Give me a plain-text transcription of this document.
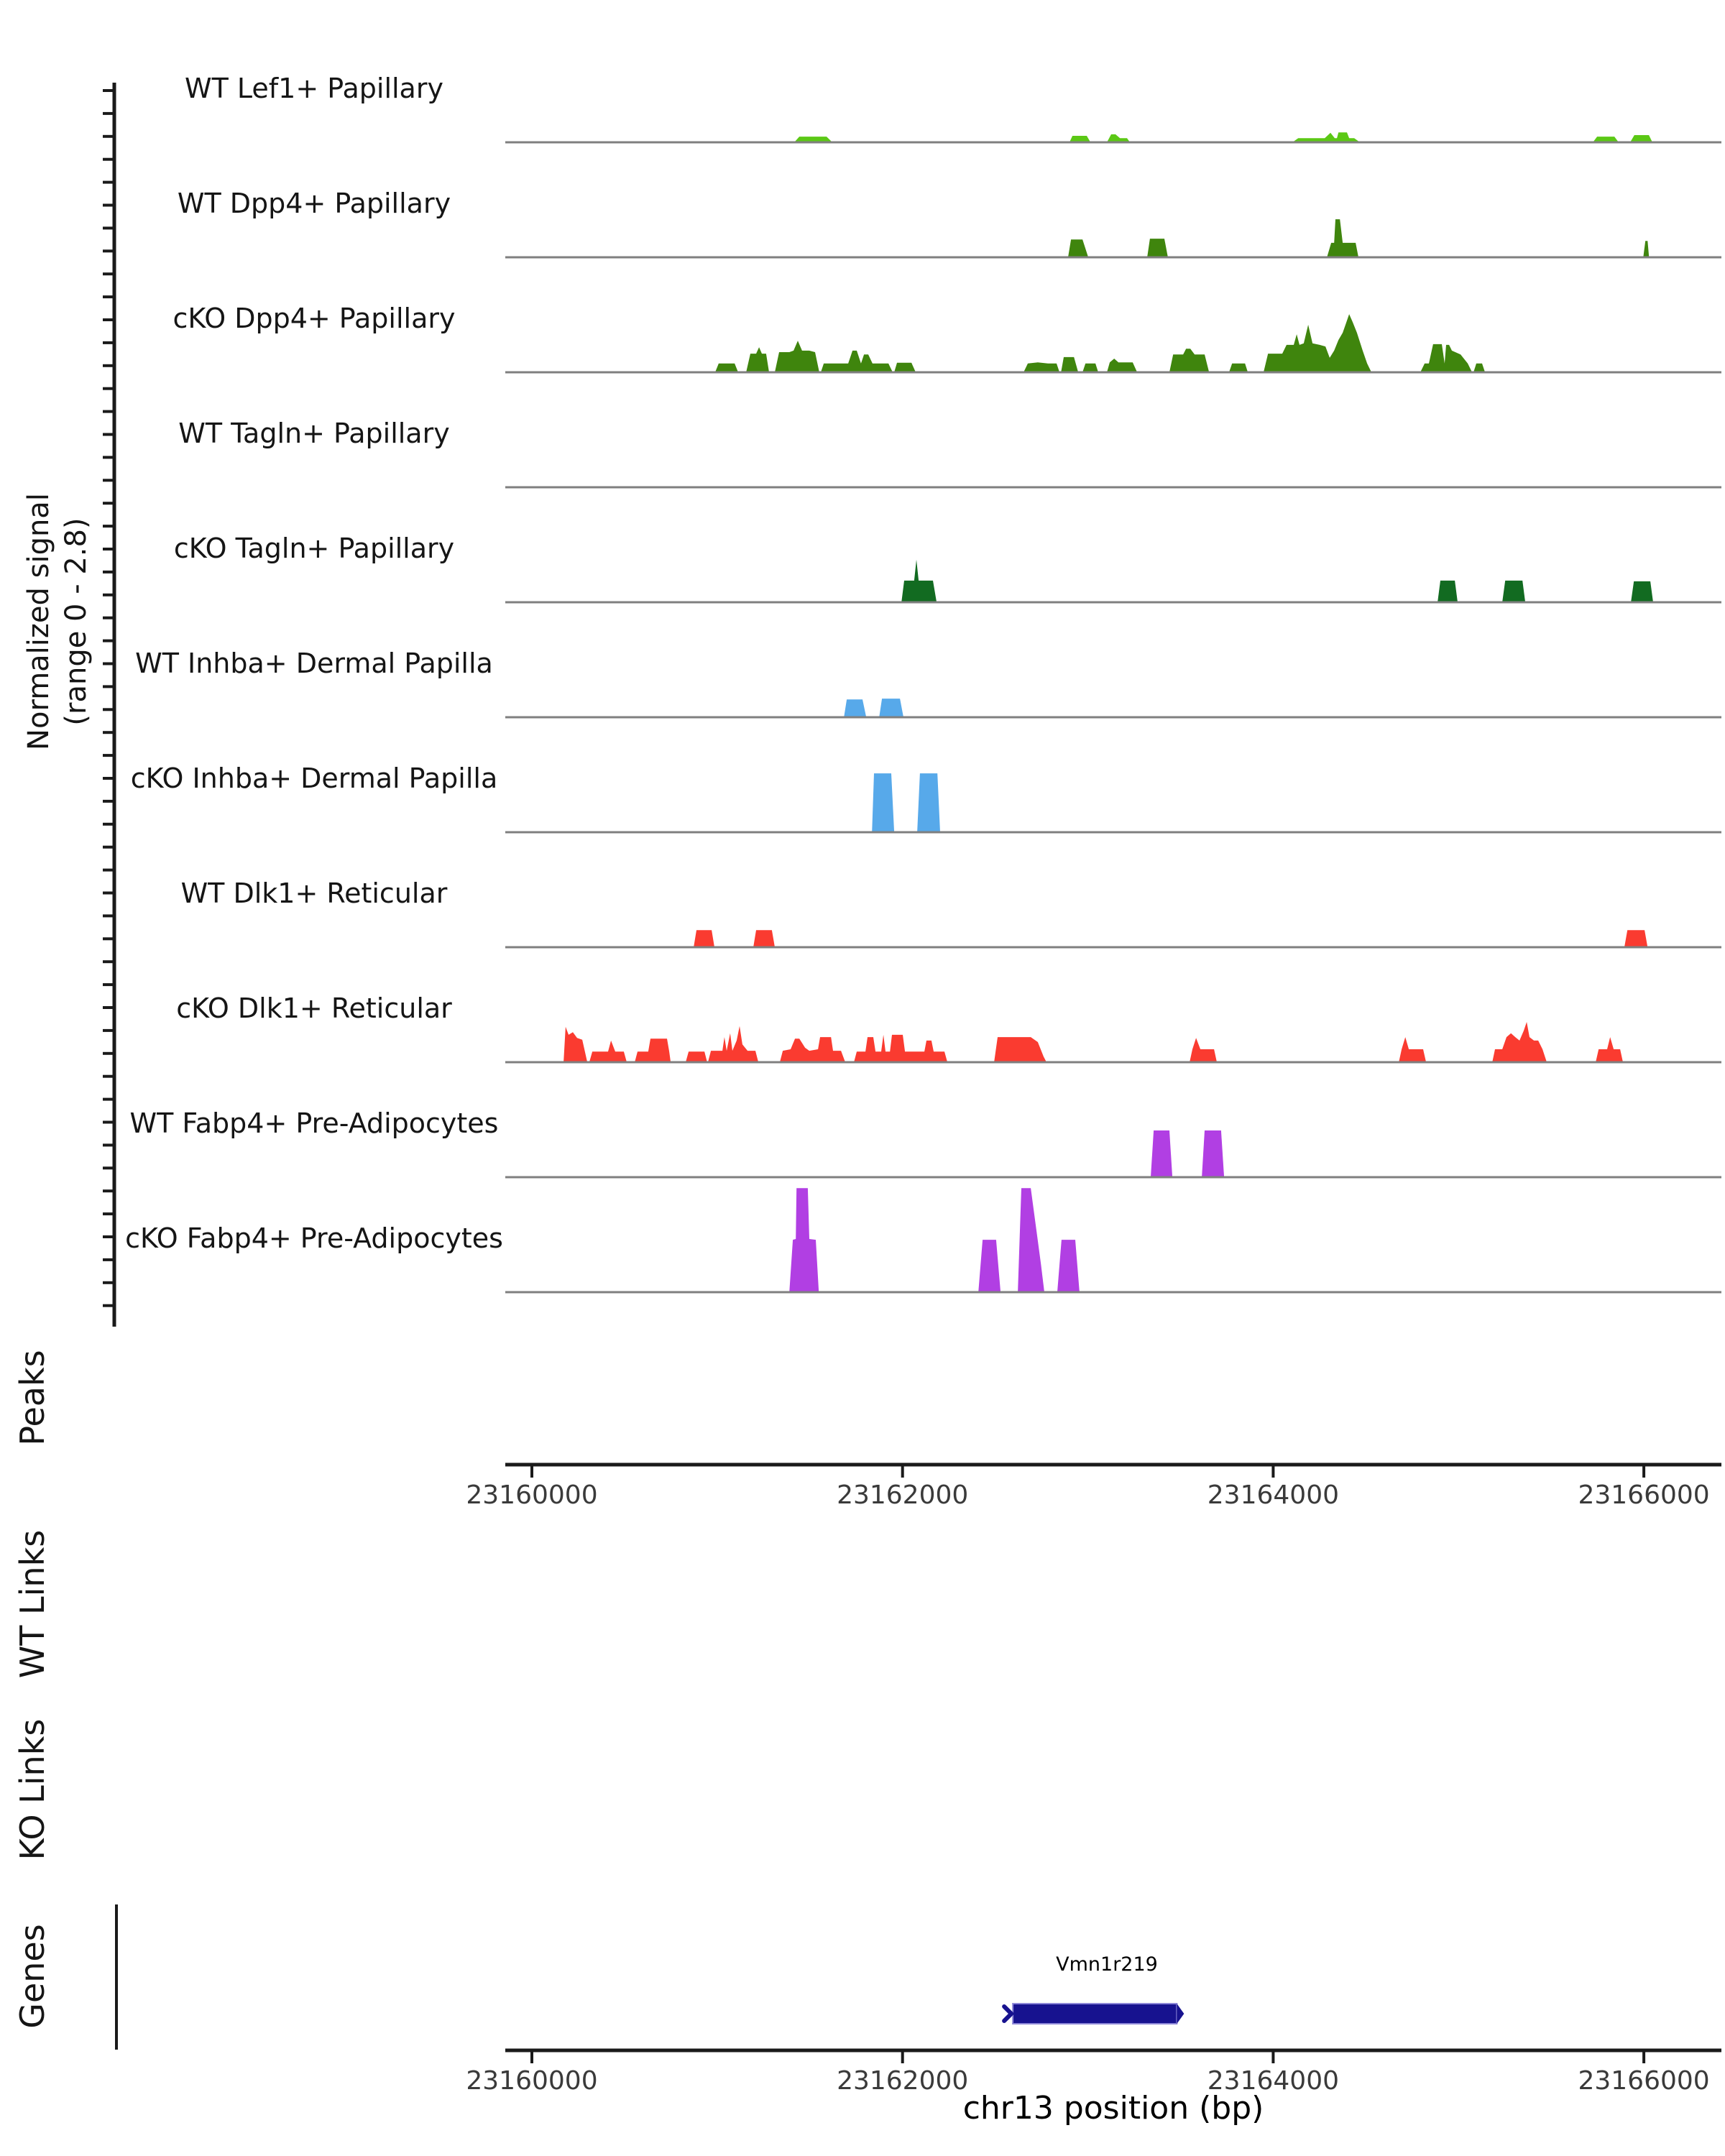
Normalized signal (range 0 - 2.8)
Peaks
WT Links
KO Links
Genes	Vmn1r219
chr13 position (bp)
WT Lef1+ Papillary
WT Dpp4+ Papillary
cKO Dpp4+ Papillary
WT Tagln+ Papillary
cKO Tagln+ Papillary
WT Inhba+ Dermal Papilla
cKO Inhba+ Dermal Papilla
WT Dlk1+ Reticular
cKO Dlk1+ Reticular
WT Fabp4+ Pre-Adipocytes
cKO Fabp4+ Pre-Adipocytes
23160000	23162000	23164000	23166000
23160000	23162000	23164000	23166000
